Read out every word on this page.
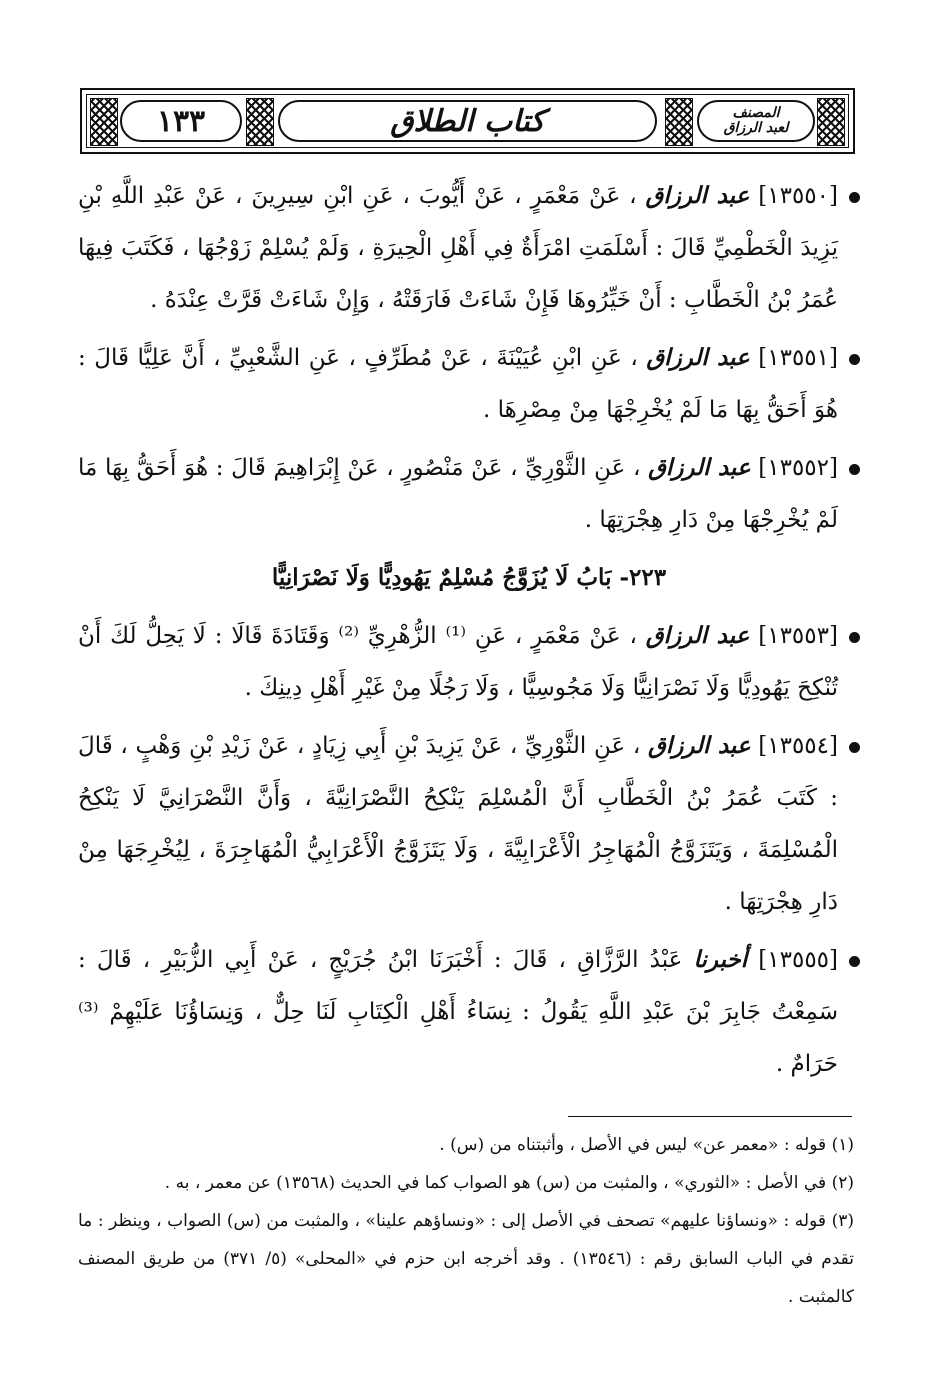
١٣٣	كتاب الطلاق	المصنف
لعبد الرزاق

[١٣٥٥٠] عبد الرزاق ، عَنْ مَعْمَرٍ ، عَنْ أَيُّوبَ ، عَنِ ابْنِ سِيرِينَ ، عَنْ عَبْدِ اللَّهِ بْنِ يَزِيدَ الْخَطْمِيِّ قَالَ : أَسْلَمَتِ امْرَأَةٌ فِي أَهْلِ الْحِيرَةِ ، وَلَمْ يُسْلِمْ زَوْجُهَا ، فَكَتَبَ فِيهَا عُمَرُ بْنُ الْخَطَّابِ : أَنْ خَيِّرُوهَا فَإِنْ شَاءَتْ فَارَقَتْهُ ، وَإِنْ شَاءَتْ قَرَّتْ عِنْدَهُ .

[١٣٥٥١] عبد الرزاق ، عَنِ ابْنِ عُيَيْنَةَ ، عَنْ مُطَرِّفٍ ، عَنِ الشَّعْبِيِّ ، أَنَّ عَلِيًّا قَالَ : هُوَ أَحَقُّ بِهَا مَا لَمْ يُخْرِجْهَا مِنْ مِصْرِهَا .

[١٣٥٥٢] عبد الرزاق ، عَنِ الثَّوْرِيِّ ، عَنْ مَنْصُورٍ ، عَنْ إِبْرَاهِيمَ قَالَ : هُوَ أَحَقُّ بِهَا مَا لَمْ يُخْرِجْهَا مِنْ دَارِ هِجْرَتِهَا .

٢٢٣- بَابُ لَا يُزَوَّجُ مُسْلِمٌ يَهُودِيًّا وَلَا نَصْرَانِيًّا

[١٣٥٥٣] عبد الرزاق ، عَنْ مَعْمَرٍ ، عَنِ ⁽¹⁾ الزُّهْرِيِّ ⁽²⁾ وَقَتَادَةَ قَالَا : لَا يَحِلُّ لَكَ أَنْ تُنْكِحَ يَهُودِيًّا وَلَا نَصْرَانِيًّا وَلَا مَجُوسِيًّا ، وَلَا رَجُلًا مِنْ غَيْرِ أَهْلِ دِينِكَ .

[١٣٥٥٤] عبد الرزاق ، عَنِ الثَّوْرِيِّ ، عَنْ يَزِيدَ بْنِ أَبِي زِيَادٍ ، عَنْ زَيْدِ بْنِ وَهْبٍ ، قَالَ : كَتَبَ عُمَرُ بْنُ الْخَطَّابِ أَنَّ الْمُسْلِمَ يَنْكِحُ النَّصْرَانِيَّةَ ، وَأَنَّ النَّصْرَانِيَّ لَا يَنْكِحُ الْمُسْلِمَةَ ، وَيَتَزَوَّجُ الْمُهَاجِرُ الْأَعْرَابِيَّةَ ، وَلَا يَتَزَوَّجُ الْأَعْرَابِيُّ الْمُهَاجِرَةَ ، لِيُخْرِجَهَا مِنْ دَارِ هِجْرَتِهَا .

[١٣٥٥٥] أخبرنا عَبْدُ الرَّزَّاقِ ، قَالَ : أَخْبَرَنَا ابْنُ جُرَيْجٍ ، عَنْ أَبِي الزُّبَيْرِ ، قَالَ : سَمِعْتُ جَابِرَ بْنَ عَبْدِ اللَّهِ يَقُولُ : نِسَاءُ أَهْلِ الْكِتَابِ لَنَا حِلٌّ ، وَنِسَاؤُنَا عَلَيْهِمْ ⁽³⁾ حَرَامٌ .

(١) قوله : «معمر عن» ليس في الأصل ، وأثبتناه من (س) .

(٢) في الأصل : «الثوري» ، والمثبت من (س) هو الصواب كما في الحديث (١٣٥٦٨) عن معمر ، به .

(٣) قوله : «ونساؤنا عليهم» تصحف في الأصل إلى : «ونساؤهم علينا» ، والمثبت من (س) الصواب ، وينظر : ما تقدم في الباب السابق رقم : (١٣٥٤٦) . وقد أخرجه ابن حزم في «المحلى» (٥/ ٣٧١) من طريق المصنف كالمثبت .
